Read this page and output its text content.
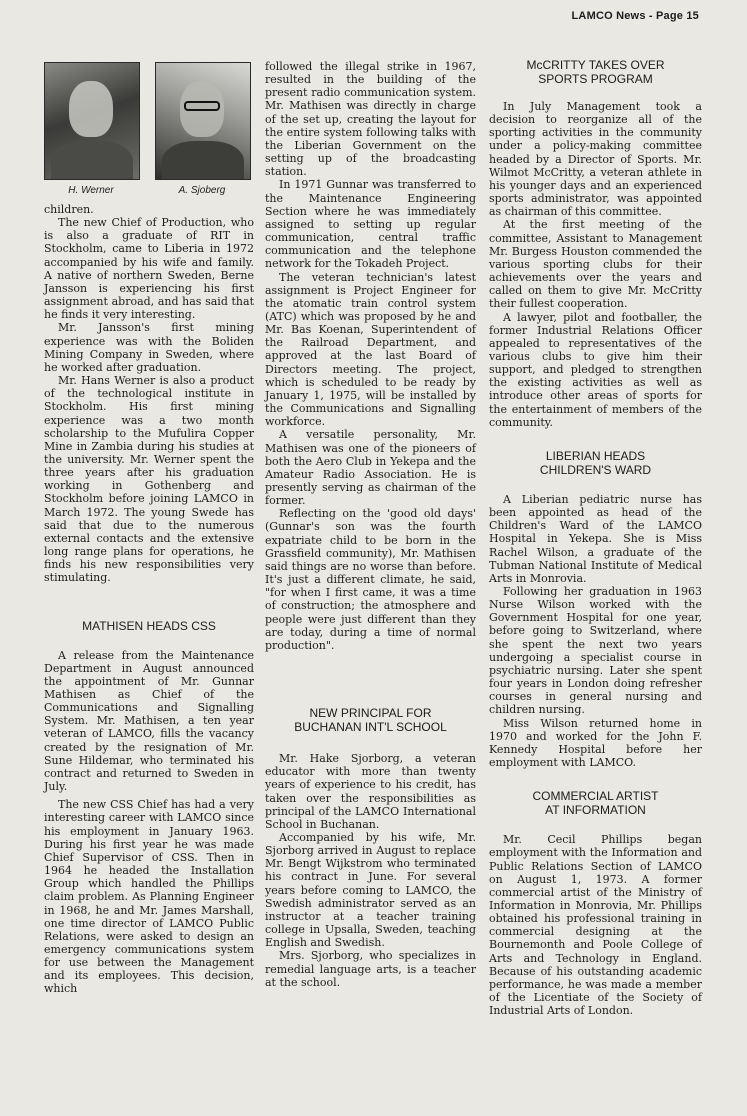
LAMCO News - Page 15
H. Werner	A. Sjoberg

children.

The new Chief of Production, who is also a graduate of RIT in Stockholm, came to Liberia in 1972 accompanied by his wife and family. A native of northern Sweden, Berne Jansson is experiencing his first assignment abroad, and has said that he finds it very interesting.

Mr. Jansson's first mining experience was with the Boliden Mining Company in Sweden, where he worked after graduation.

Mr. Hans Werner is also a product of the technological institute in Stockholm. His first mining experience was a two month scholarship to the Mufulira Copper Mine in Zambia during his studies at the university. Mr. Werner spent the three years after his graduation working in Gothenberg and Stockholm before joining LAMCO in March 1972. The young Swede has said that due to the numerous external contacts and the extensive long range plans for operations, he finds his new responsibilities very stimulating.

MATHISEN HEADS CSS

A release from the Maintenance Department in August announced the appointment of Mr. Gunnar Mathisen as Chief of the Communications and Signalling System. Mr. Mathisen, a ten year veteran of LAMCO, fills the vacancy created by the resignation of Mr. Sune Hildemar, who terminated his contract and returned to Sweden in July.

The new CSS Chief has had a very interesting career with LAMCO since his employment in January 1963. During his first year he was made Chief Supervisor of CSS. Then in 1964 he headed the Installation Group which handled the Phillips claim problem. As Planning Engineer in 1968, he and Mr. James Marshall, one time director of LAMCO Public Relations, were asked to design an emergency communications system for use between the Management and its employees. This decision, which

followed the illegal strike in 1967, resulted in the building of the present radio communication system. Mr. Mathisen was directly in charge of the set up, creating the layout for the entire system following talks with the Liberian Government on the setting up of the broadcasting station.

In 1971 Gunnar was transferred to the Maintenance Engineering Section where he was immediately assigned to setting up regular communication, central traffic communication and the telephone network for the Tokadeh Project.

The veteran technician's latest assignment is Project Engineer for the atomatic train control system (ATC) which was proposed by he and Mr. Bas Koenan, Superintendent of the Railroad Department, and approved at the last Board of Directors meeting. The project, which is scheduled to be ready by January 1, 1975, will be installed by the Communications and Signalling workforce.

A versatile personality, Mr. Mathisen was one of the pioneers of both the Aero Club in Yekepa and the Amateur Radio Association. He is presently serving as chairman of the former.

Reflecting on the 'good old days' (Gunnar's son was the fourth expatriate child to be born in the Grassfield community), Mr. Mathisen said things are no worse than before. It's just a different climate, he said, "for when I first came, it was a time of construction; the atmosphere and people were just different than they are today, during a time of normal production".

NEW PRINCIPAL FOR
BUCHANAN INT'L SCHOOL

Mr. Hake Sjorborg, a veteran educator with more than twenty years of experience to his credit, has taken over the responsibilities as principal of the LAMCO International School in Buchanan.

Accompanied by his wife, Mr. Sjorborg arrived in August to replace Mr. Bengt Wijkstrom who terminated his contract in June. For several years before coming to LAMCO, the Swedish administrator served as an instructor at a teacher training college in Upsalla, Sweden, teaching English and Swedish.

Mrs. Sjorborg, who specializes in remedial language arts, is a teacher at the school.

McCRITTY TAKES OVER
SPORTS PROGRAM

In July Management took a decision to reorganize all of the sporting activities in the community under a policy-making committee headed by a Director of Sports. Mr. Wilmot McCritty, a veteran athlete in his younger days and an experienced sports administrator, was appointed as chairman of this committee.

At the first meeting of the committee, Assistant to Management Mr. Burgess Houston commended the various sporting clubs for their achievements over the years and called on them to give Mr. McCritty their fullest cooperation.

A lawyer, pilot and footballer, the former Industrial Relations Officer appealed to representatives of the various clubs to give him their support, and pledged to strengthen the existing activities as well as introduce other areas of sports for the entertainment of members of the community.

LIBERIAN HEADS
CHILDREN'S WARD

A Liberian pediatric nurse has been appointed as head of the Children's Ward of the LAMCO Hospital in Yekepa. She is Miss Rachel Wilson, a graduate of the Tubman National Institute of Medical Arts in Monrovia.

Following her graduation in 1963 Nurse Wilson worked with the Government Hospital for one year, before going to Switzerland, where she spent the next two years undergoing a specialist course in psychiatric nursing. Later she spent four years in London doing refresher courses in general nursing and children nursing.

Miss Wilson returned home in 1970 and worked for the John F. Kennedy Hospital before her employment with LAMCO.

COMMERCIAL ARTIST
AT INFORMATION

Mr. Cecil Phillips began employment with the Information and Public Relations Section of LAMCO on August 1, 1973. A former commercial artist of the Ministry of Information in Monrovia, Mr. Phillips obtained his professional training in commercial designing at the Bournemonth and Poole College of Arts and Technology in England. Because of his outstanding academic performance, he was made a member of the Licentiate of the Society of Industrial Arts of London.
